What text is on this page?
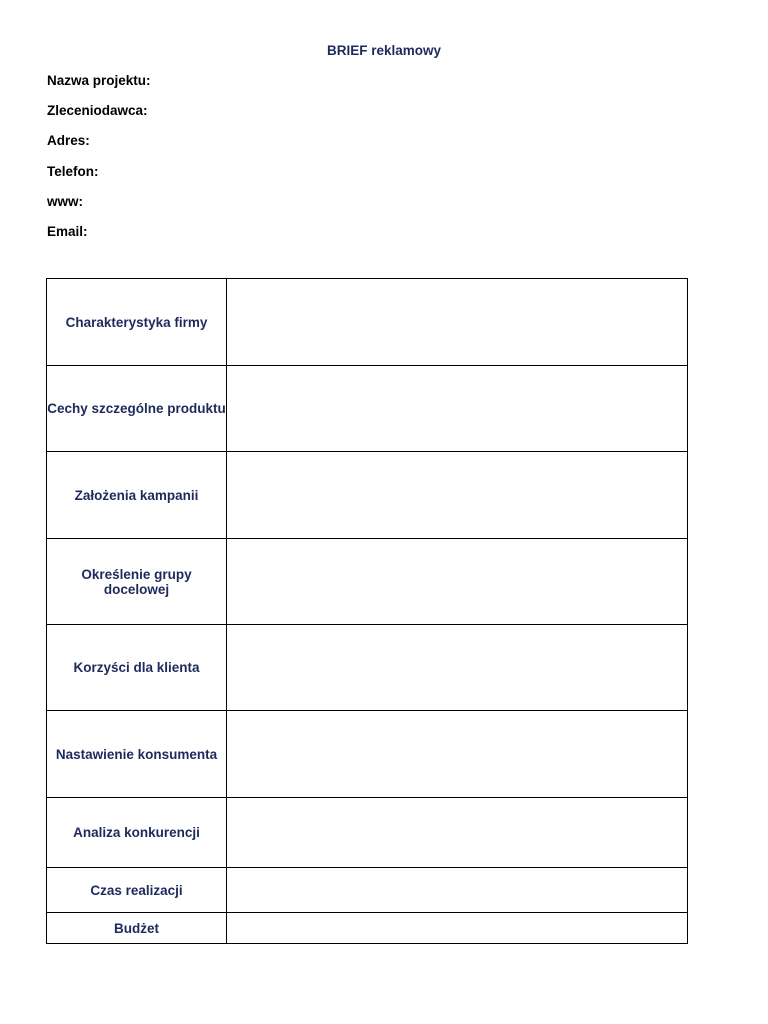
BRIEF reklamowy
Nazwa projektu:
Zleceniodawca:
Adres:
Telefon:
www:
Email:
Charakterystyka firmy	
Cechy szczególne produktu	
Założenia kampanii	
Określenie grupy docelowej	
Korzyści dla klienta	
Nastawienie konsumenta	
Analiza konkurencji	
Czas realizacji	
Budżet	
